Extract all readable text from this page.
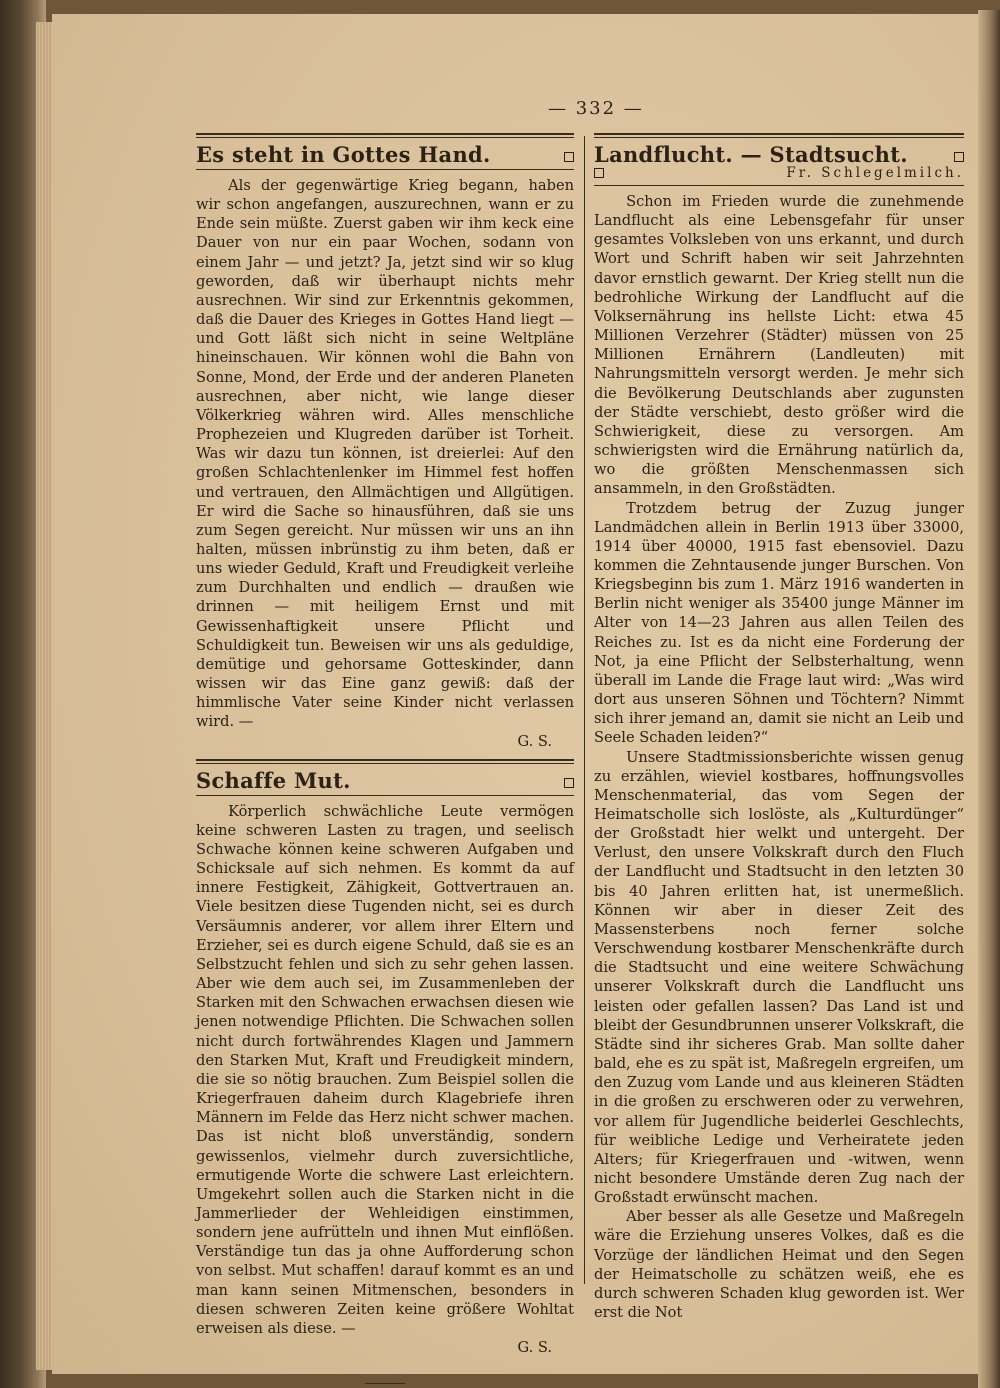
— 332 —
Es steht in Gottes Hand.

Als der gegenwärtige Krieg begann, haben wir schon angefangen, auszurechnen, wann er zu Ende sein müßte. Zuerst gaben wir ihm keck eine Dauer von nur ein paar Wochen, sodann von einem Jahr — und jetzt? Ja, jetzt sind wir so klug geworden, daß wir überhaupt nichts mehr ausrechnen. Wir sind zur Erkenntnis gekommen, daß die Dauer des Krieges in Gottes Hand liegt — und Gott läßt sich nicht in seine Weltpläne hineinschauen. Wir können wohl die Bahn von Sonne, Mond, der Erde und der anderen Planeten ausrechnen, aber nicht, wie lange dieser Völkerkrieg währen wird. Alles menschliche Prophezeien und Klugreden darüber ist Torheit. Was wir dazu tun können, ist dreierlei: Auf den großen Schlachtenlenker im Himmel fest hoffen und vertrauen, den Allmächtigen und Allgütigen. Er wird die Sache so hinausführen, daß sie uns zum Segen gereicht. Nur müssen wir uns an ihn halten, müssen inbrünstig zu ihm beten, daß er uns wieder Geduld, Kraft und Freudigkeit verleihe zum Durchhalten und endlich — draußen wie drinnen — mit heiligem Ernst und mit Gewissenhaftigkeit unsere Pflicht und Schuldigkeit tun. Beweisen wir uns als geduldige, demütige und gehorsame Gotteskinder, dann wissen wir das Eine ganz gewiß: daß der himmlische Vater seine Kinder nicht verlassen wird. —

G. S.
Schaffe Mut.

Körperlich schwächliche Leute vermögen keine schweren Lasten zu tragen, und seelisch Schwache können keine schweren Aufgaben und Schicksale auf sich nehmen. Es kommt da auf innere Festigkeit, Zähigkeit, Gottvertrauen an. Viele besitzen diese Tugenden nicht, sei es durch Versäumnis anderer, vor allem ihrer Eltern und Erzieher, sei es durch eigene Schuld, daß sie es an Selbstzucht fehlen und sich zu sehr gehen lassen. Aber wie dem auch sei, im Zusammenleben der Starken mit den Schwachen erwachsen diesen wie jenen notwendige Pflichten. Die Schwachen sollen nicht durch fortwährendes Klagen und Jammern den Starken Mut, Kraft und Freudigkeit mindern, die sie so nötig brauchen. Zum Beispiel sollen die Kriegerfrauen daheim durch Klagebriefe ihren Männern im Felde das Herz nicht schwer machen. Das ist nicht bloß unverständig, sondern gewissenlos, vielmehr durch zuversichtliche, ermutigende Worte die schwere Last erleichtern. Umgekehrt sollen auch die Starken nicht in die Jammerlieder der Wehleidigen einstimmen, sondern jene aufrütteln und ihnen Mut einflößen. Verständige tun das ja ohne Aufforderung schon von selbst. Mut schaffen! darauf kommt es an und man kann seinen Mitmenschen, besonders in diesen schweren Zeiten keine größere Wohltat erweisen als diese. —

G. S.
Landflucht. — Stadtsucht.
Fr. Schlegelmilch.

Schon im Frieden wurde die zunehmende Landflucht als eine Lebensgefahr für unser gesamtes Volksleben von uns erkannt, und durch Wort und Schrift haben wir seit Jahrzehnten davor ernstlich gewarnt. Der Krieg stellt nun die bedrohliche Wirkung der Landflucht auf die Volksernährung ins hellste Licht: etwa 45 Millionen Verzehrer (Städter) müssen von 25 Millionen Ernährern (Landleuten) mit Nahrungsmitteln versorgt werden. Je mehr sich die Bevölkerung Deutschlands aber zugunsten der Städte verschiebt, desto größer wird die Schwierigkeit, diese zu versorgen. Am schwierigsten wird die Ernährung natürlich da, wo die größten Menschenmassen sich ansammeln, in den Großstädten.

Trotzdem betrug der Zuzug junger Landmädchen allein in Berlin 1913 über 33000, 1914 über 40000, 1915 fast ebensoviel. Dazu kommen die Zehntausende junger Burschen. Von Kriegsbeginn bis zum 1. März 1916 wanderten in Berlin nicht weniger als 35400 junge Männer im Alter von 14—23 Jahren aus allen Teilen des Reiches zu. Ist es da nicht eine Forderung der Not, ja eine Pflicht der Selbsterhaltung, wenn überall im Lande die Frage laut wird: „Was wird dort aus unseren Söhnen und Töchtern? Nimmt sich ihrer jemand an, damit sie nicht an Leib und Seele Schaden leiden?“

Unsere Stadtmissionsberichte wissen genug zu erzählen, wieviel kostbares, hoffnungsvolles Menschenmaterial, das vom Segen der Heimatscholle sich loslöste, als „Kulturdünger“ der Großstadt hier welkt und untergeht. Der Verlust, den unsere Volkskraft durch den Fluch der Landflucht und Stadtsucht in den letzten 30 bis 40 Jahren erlitten hat, ist unermeßlich. Können wir aber in dieser Zeit des Massensterbens noch ferner solche Verschwendung kostbarer Menschenkräfte durch die Stadtsucht und eine weitere Schwächung unserer Volkskraft durch die Landflucht uns leisten oder gefallen lassen? Das Land ist und bleibt der Gesundbrunnen unserer Volkskraft, die Städte sind ihr sicheres Grab. Man sollte daher bald, ehe es zu spät ist, Maßregeln ergreifen, um den Zuzug vom Lande und aus kleineren Städten in die großen zu erschweren oder zu verwehren, vor allem für Jugendliche beiderlei Geschlechts, für weibliche Ledige und Verheiratete jeden Alters; für Kriegerfrauen und -witwen, wenn nicht besondere Umstände deren Zug nach der Großstadt erwünscht machen.

Aber besser als alle Gesetze und Maßregeln wäre die Erziehung unseres Volkes, daß es die Vorzüge der ländlichen Heimat und den Segen der Heimatscholle zu schätzen weiß, ehe es durch schweren Schaden klug geworden ist. Wer erst die Not
